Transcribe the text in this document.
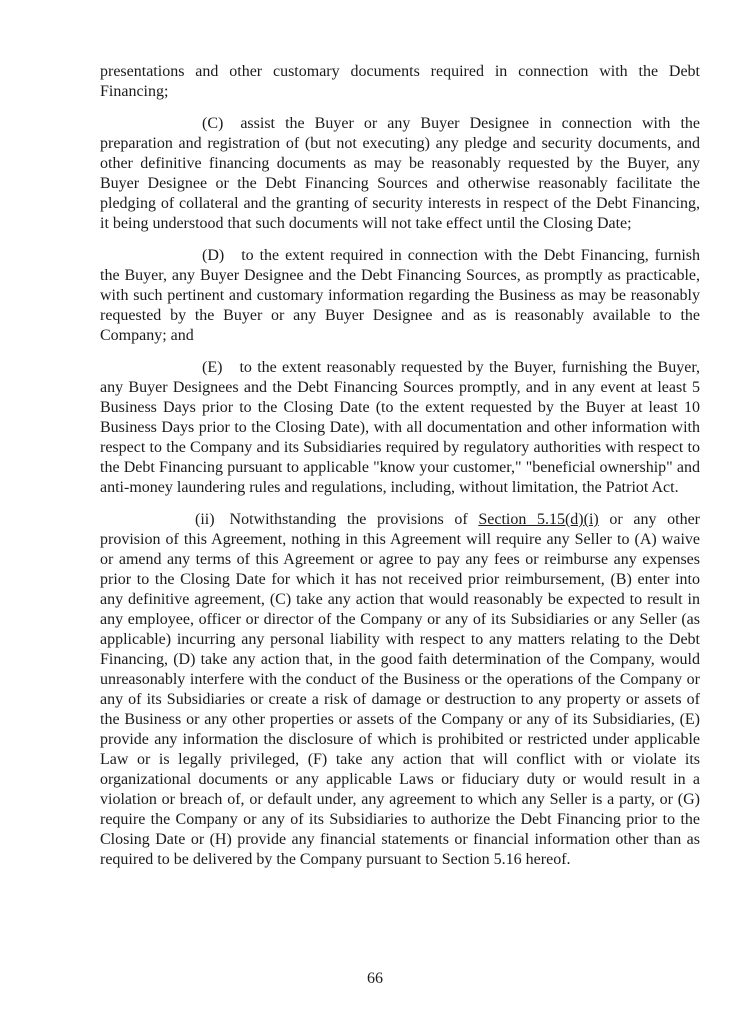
presentations and other customary documents required in connection with the Debt Financing;

(C) assist the Buyer or any Buyer Designee in connection with the preparation and registration of (but not executing) any pledge and security documents, and other definitive financing documents as may be reasonably requested by the Buyer, any Buyer Designee or the Debt Financing Sources and otherwise reasonably facilitate the pledging of collateral and the granting of security interests in respect of the Debt Financing, it being understood that such documents will not take effect until the Closing Date;

(D) to the extent required in connection with the Debt Financing, furnish the Buyer, any Buyer Designee and the Debt Financing Sources, as promptly as practicable, with such pertinent and customary information regarding the Business as may be reasonably requested by the Buyer or any Buyer Designee and as is reasonably available to the Company; and

(E) to the extent reasonably requested by the Buyer, furnishing the Buyer, any Buyer Designees and the Debt Financing Sources promptly, and in any event at least 5 Business Days prior to the Closing Date (to the extent requested by the Buyer at least 10 Business Days prior to the Closing Date), with all documentation and other information with respect to the Company and its Subsidiaries required by regulatory authorities with respect to the Debt Financing pursuant to applicable "know your customer," "beneficial ownership" and anti-money laundering rules and regulations, including, without limitation, the Patriot Act.

(ii) Notwithstanding the provisions of Section 5.15(d)(i) or any other provision of this Agreement, nothing in this Agreement will require any Seller to (A) waive or amend any terms of this Agreement or agree to pay any fees or reimburse any expenses prior to the Closing Date for which it has not received prior reimbursement, (B) enter into any definitive agreement, (C) take any action that would reasonably be expected to result in any employee, officer or director of the Company or any of its Subsidiaries or any Seller (as applicable) incurring any personal liability with respect to any matters relating to the Debt Financing, (D) take any action that, in the good faith determination of the Company, would unreasonably interfere with the conduct of the Business or the operations of the Company or any of its Subsidiaries or create a risk of damage or destruction to any property or assets of the Business or any other properties or assets of the Company or any of its Subsidiaries, (E) provide any information the disclosure of which is prohibited or restricted under applicable Law or is legally privileged, (F) take any action that will conflict with or violate its organizational documents or any applicable Laws or fiduciary duty or would result in a violation or breach of, or default under, any agreement to which any Seller is a party, or (G) require the Company or any of its Subsidiaries to authorize the Debt Financing prior to the Closing Date or (H) provide any financial statements or financial information other than as required to be delivered by the Company pursuant to Section 5.16 hereof.

66
